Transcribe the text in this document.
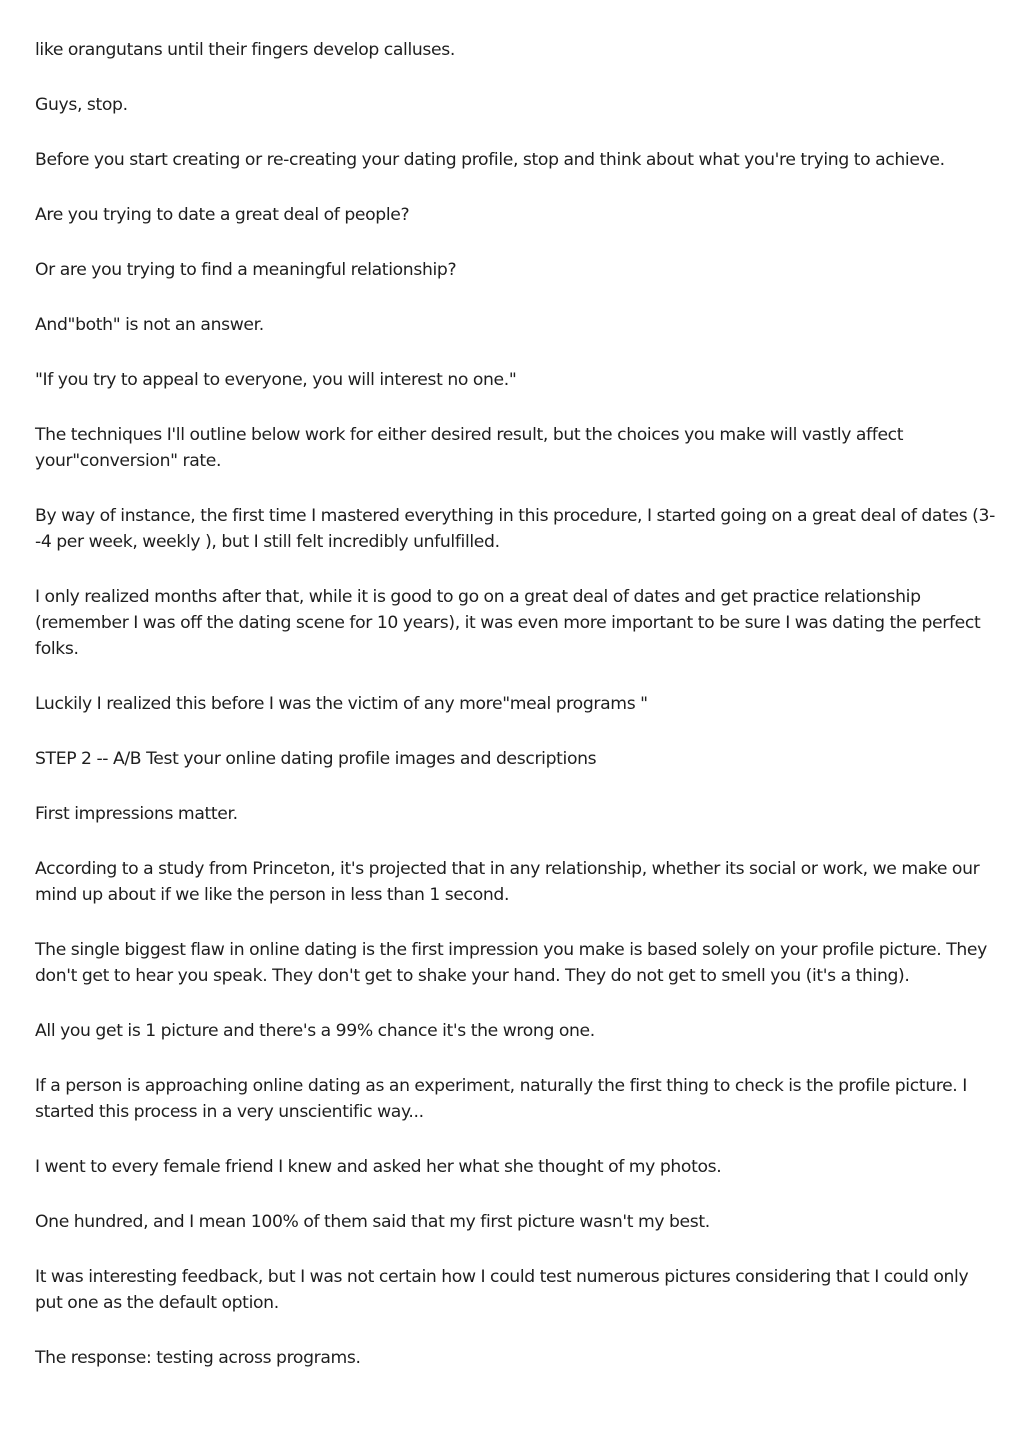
like orangutans until their fingers develop calluses.

Guys, stop.

Before you start creating or re-creating your dating profile, stop and think about what you're trying to achieve.

Are you trying to date a great deal of people?

Or are you trying to find a meaningful relationship?

And"both" is not an answer.

"If you try to appeal to everyone, you will interest no one."

The techniques I'll outline below work for either desired result, but the choices you make will vastly affect your"conversion" rate.

By way of instance, the first time I mastered everything in this procedure, I started going on a great deal of dates (3--4 per week, weekly ), but I still felt incredibly unfulfilled.

I only realized months after that, while it is good to go on a great deal of dates and get practice relationship (remember I was off the dating scene for 10 years), it was even more important to be sure I was dating the perfect folks.

Luckily I realized this before I was the victim of any more"meal programs "

STEP 2 -- A/B Test your online dating profile images and descriptions

First impressions matter.

According to a study from Princeton, it's projected that in any relationship, whether its social or work, we make our mind up about if we like the person in less than 1 second.

The single biggest flaw in online dating is the first impression you make is based solely on your profile picture. They don't get to hear you speak. They don't get to shake your hand. They do not get to smell you (it's a thing).

All you get is 1 picture and there's a 99% chance it's the wrong one.

If a person is approaching online dating as an experiment, naturally the first thing to check is the profile picture. I started this process in a very unscientific way...

I went to every female friend I knew and asked her what she thought of my photos.

One hundred, and I mean 100% of them said that my first picture wasn't my best.

It was interesting feedback, but I was not certain how I could test numerous pictures considering that I could only put one as the default option.

The response: testing across programs.
